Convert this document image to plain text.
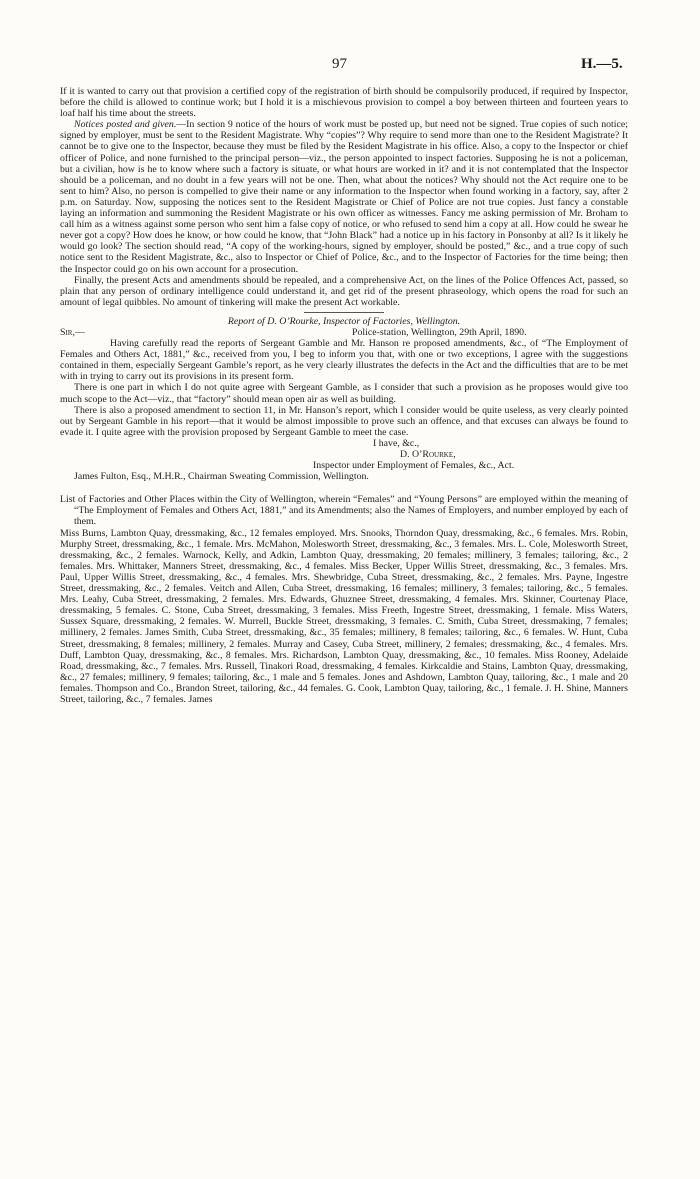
97	H.—5.

If it is wanted to carry out that provision a certified copy of the registration of birth should be compulsorily produced, if required by Inspector, before the child is allowed to continue work; but I hold it is a mischievous provision to compel a boy between thirteen and fourteen years to loaf half his time about the streets.

Notices posted and given.—In section 9 notice of the hours of work must be posted up, but need not be signed. True copies of such notice; signed by employer, must be sent to the Resident Magistrate. Why “copies”? Why require to send more than one to the Resident Magistrate? It cannot be to give one to the Inspector, because they must be filed by the Resident Magistrate in his office. Also, a copy to the Inspector or chief officer of Police, and none furnished to the principal person—viz., the person appointed to inspect factories. Supposing he is not a policeman, but a civilian, how is he to know where such a factory is situate, or what hours are worked in it? and it is not contemplated that the Inspector should be a policeman, and no doubt in a few years will not be one. Then, what about the notices? Why should not the Act require one to be sent to him? Also, no person is compelled to give their name or any information to the Inspector when found working in a factory, say, after 2 p.m. on Saturday. Now, supposing the notices sent to the Resident Magistrate or Chief of Police are not true copies. Just fancy a constable laying an information and summoning the Resident Magistrate or his own officer as witnesses. Fancy me asking permission of Mr. Broham to call him as a witness against some person who sent him a false copy of notice, or who refused to send him a copy at all. How could he swear he never got a copy? How does he know, or how could he know, that “John Black” had a notice up in his factory in Ponsonby at all? Is it likely he would go look? The section should read, “A copy of the working-hours, signed by employer, should be posted,” &c., and a true copy of such notice sent to the Resident Magistrate, &c., also to Inspector or Chief of Police, &c., and to the Inspector of Factories for the time being; then the Inspector could go on his own account for a prosecution.

Finally, the present Acts and amendments should be repealed, and a comprehensive Act, on the lines of the Police Offences Act, passed, so plain that any person of ordinary intelligence could understand it, and get rid of the present phraseology, which opens the road for such an amount of legal quibbles. No amount of tinkering will make the present Act workable.

Report of D. O’Rourke, Inspector of Factories, Wellington.

Sir,—	Police-station, Wellington, 29th April, 1890.

Having carefully read the reports of Sergeant Gamble and Mr. Hanson re proposed amendments, &c., of “The Employment of Females and Others Act, 1881,” &c., received from you, I beg to inform you that, with one or two exceptions, I agree with the suggestions contained in them, especially Sergeant Gamble’s report, as he very clearly illustrates the defects in the Act and the difficulties that are to be met with in trying to carry out its provisions in its present form.

There is one part in which I do not quite agree with Sergeant Gamble, as I consider that such a provision as he proposes would give too much scope to the Act—viz., that “factory” should mean open air as well as building.

There is also a proposed amendment to section 11, in Mr. Hanson’s report, which I consider would be quite useless, as very clearly pointed out by Sergeant Gamble in his report—that it would be almost impossible to prove such an offence, and that excuses can always be found to evade it. I quite agree with the provision proposed by Sergeant Gamble to meet the case.

I have, &c.,
D. O’Rourke,
Inspector under Employment of Females, &c., Act.
James Fulton, Esq., M.H.R., Chairman Sweating Commission, Wellington.

List of Factories and Other Places within the City of Wellington, wherein “Females” and “Young Persons” are employed within the meaning of “The Employment of Females and Others Act, 1881,” and its Amendments; also the Names of Employers, and number employed by each of them.

Miss Burns, Lambton Quay, dressmaking, &c., 12 females employed. Mrs. Snooks, Thorndon Quay, dressmaking, &c., 6 females. Mrs. Robin, Murphy Street, dressmaking, &c., 1 female. Mrs. McMahon, Molesworth Street, dressmaking, &c., 3 females. Mrs. L. Cole, Molesworth Street, dressmaking, &c., 2 females. Warnock, Kelly, and Adkin, Lambton Quay, dressmaking, 20 females; millinery, 3 females; tailoring, &c., 2 females. Mrs. Whittaker, Manners Street, dressmaking, &c., 4 females. Miss Becker, Upper Willis Street, dressmaking, &c., 3 females. Mrs. Paul, Upper Willis Street, dressmaking, &c., 4 females. Mrs. Shewbridge, Cuba Street, dressmaking, &c., 2 females. Mrs. Payne, Ingestre Street, dressmaking, &c., 2 females. Veitch and Allen, Cuba Street, dressmaking, 16 females; millinery, 3 females; tailoring, &c., 5 females. Mrs. Leahy, Cuba Street, dressmaking, 2 females. Mrs. Edwards, Ghuznee Street, dressmaking, 4 females. Mrs. Skinner, Courtenay Place, dressmaking, 5 females. C. Stone, Cuba Street, dressmaking, 3 females. Miss Freeth, Ingestre Street, dressmaking, 1 female. Miss Waters, Sussex Square, dressmaking, 2 females. W. Murrell, Buckle Street, dressmaking, 3 females. C. Smith, Cuba Street, dressmaking, 7 females; millinery, 2 females. James Smith, Cuba Street, dressmaking, &c., 35 females; millinery, 8 females; tailoring, &c., 6 females. W. Hunt, Cuba Street, dressmaking, 8 females; millinery, 2 females. Murray and Casey, Cuba Street, millinery, 2 females; dressmaking, &c., 4 females. Mrs. Duff, Lambton Quay, dressmaking, &c., 8 females. Mrs. Richardson, Lambton Quay, dressmaking, &c., 10 females. Miss Rooney, Adelaide Road, dressmaking, &c., 7 females. Mrs. Russell, Tinakori Road, dressmaking, 4 females. Kirkcaldie and Stains, Lambton Quay, dressmaking, &c., 27 females; millinery, 9 females; tailoring, &c., 1 male and 5 females. Jones and Ashdown, Lambton Quay, tailoring, &c., 1 male and 20 females. Thompson and Co., Brandon Street, tailoring, &c., 44 females. G. Cook, Lambton Quay, tailoring, &c., 1 female. J. H. Shine, Manners Street, tailoring, &c., 7 females. James
